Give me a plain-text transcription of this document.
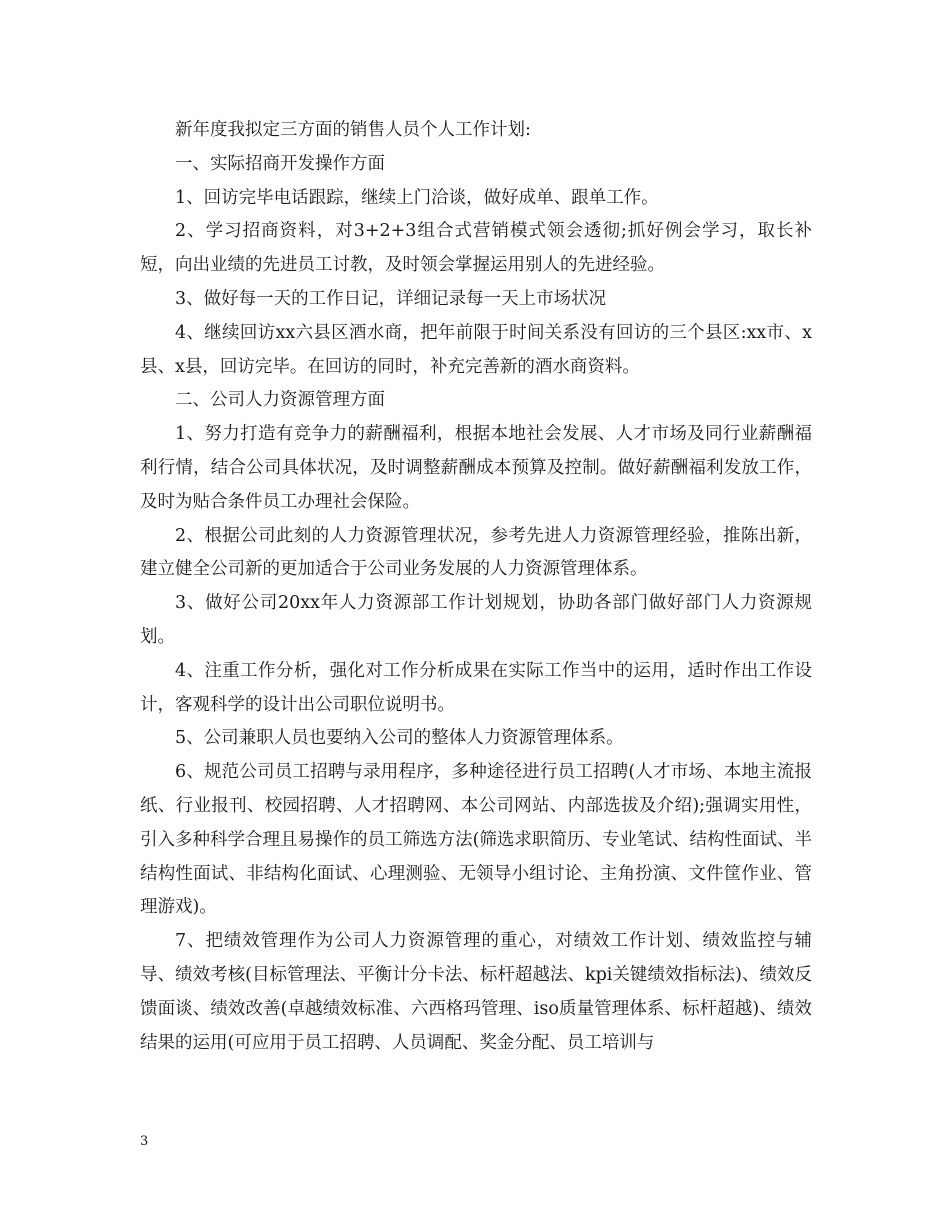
新年度我拟定三方面的销售人员个人工作计划:

一、实际招商开发操作方面

1、回访完毕电话跟踪，继续上门洽谈，做好成单、跟单工作。

2、学习招商资料，对3+2+3组合式营销模式领会透彻;抓好例会学习，取长补短，向出业绩的先进员工讨教，及时领会掌握运用别人的先进经验。

3、做好每一天的工作日记，详细记录每一天上市场状况

4、继续回访xx六县区酒水商，把年前限于时间关系没有回访的三个县区:xx市、x县、x县，回访完毕。在回访的同时，补充完善新的酒水商资料。

二、公司人力资源管理方面

1、努力打造有竞争力的薪酬福利，根据本地社会发展、人才市场及同行业薪酬福利行情，结合公司具体状况，及时调整薪酬成本预算及控制。做好薪酬福利发放工作，及时为贴合条件员工办理社会保险。

2、根据公司此刻的人力资源管理状况，参考先进人力资源管理经验，推陈出新，建立健全公司新的更加适合于公司业务发展的人力资源管理体系。

3、做好公司20xx年人力资源部工作计划规划，协助各部门做好部门人力资源规划。

4、注重工作分析，强化对工作分析成果在实际工作当中的运用，适时作出工作设计，客观科学的设计出公司职位说明书。

5、公司兼职人员也要纳入公司的整体人力资源管理体系。

6、规范公司员工招聘与录用程序，多种途径进行员工招聘(人才市场、本地主流报纸、行业报刊、校园招聘、人才招聘网、本公司网站、内部选拔及介绍);强调实用性，引入多种科学合理且易操作的员工筛选方法(筛选求职简历、专业笔试、结构性面试、半结构性面试、非结构化面试、心理测验、无领导小组讨论、主角扮演、文件筐作业、管理游戏)。

7、把绩效管理作为公司人力资源管理的重心，对绩效工作计划、绩效监控与辅导、绩效考核(目标管理法、平衡计分卡法、标杆超越法、kpi关键绩效指标法)、绩效反馈面谈、绩效改善(卓越绩效标准、六西格玛管理、iso质量管理体系、标杆超越)、绩效结果的运用(可应用于员工招聘、人员调配、奖金分配、员工培训与

3
